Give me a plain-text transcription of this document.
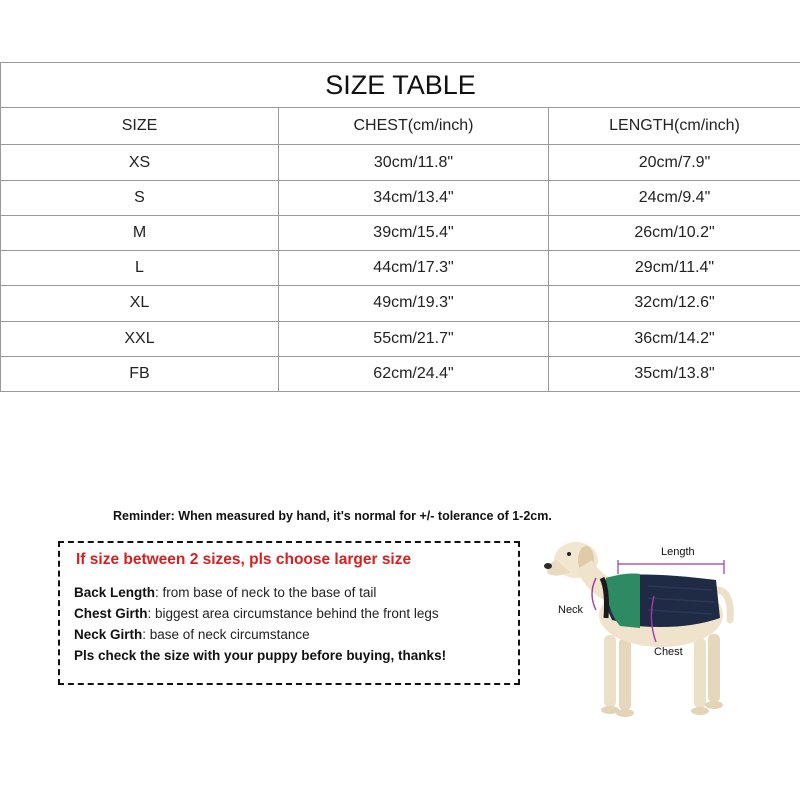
SIZE TABLE		
SIZE	CHEST(cm/inch)	LENGTH(cm/inch)
XS	30cm/11.8"	20cm/7.9"
S	34cm/13.4"	24cm/9.4"
M	39cm/15.4"	26cm/10.2"
L	44cm/17.3"	29cm/11.4"
XL	49cm/19.3"	32cm/12.6"
XXL	55cm/21.7"	36cm/14.2"
FB	62cm/24.4"	35cm/13.8"
Reminder: When measured by hand, it's normal for +/- tolerance of 1-2cm.
If size between 2 sizes, pls choose larger size
Back Length: from base of neck to the base of tail
Chest Girth: biggest area circumstance behind the front legs
Neck Girth: base of neck circumstance
Pls check the size with your puppy before buying, thanks!
Length
Neck
Chest
